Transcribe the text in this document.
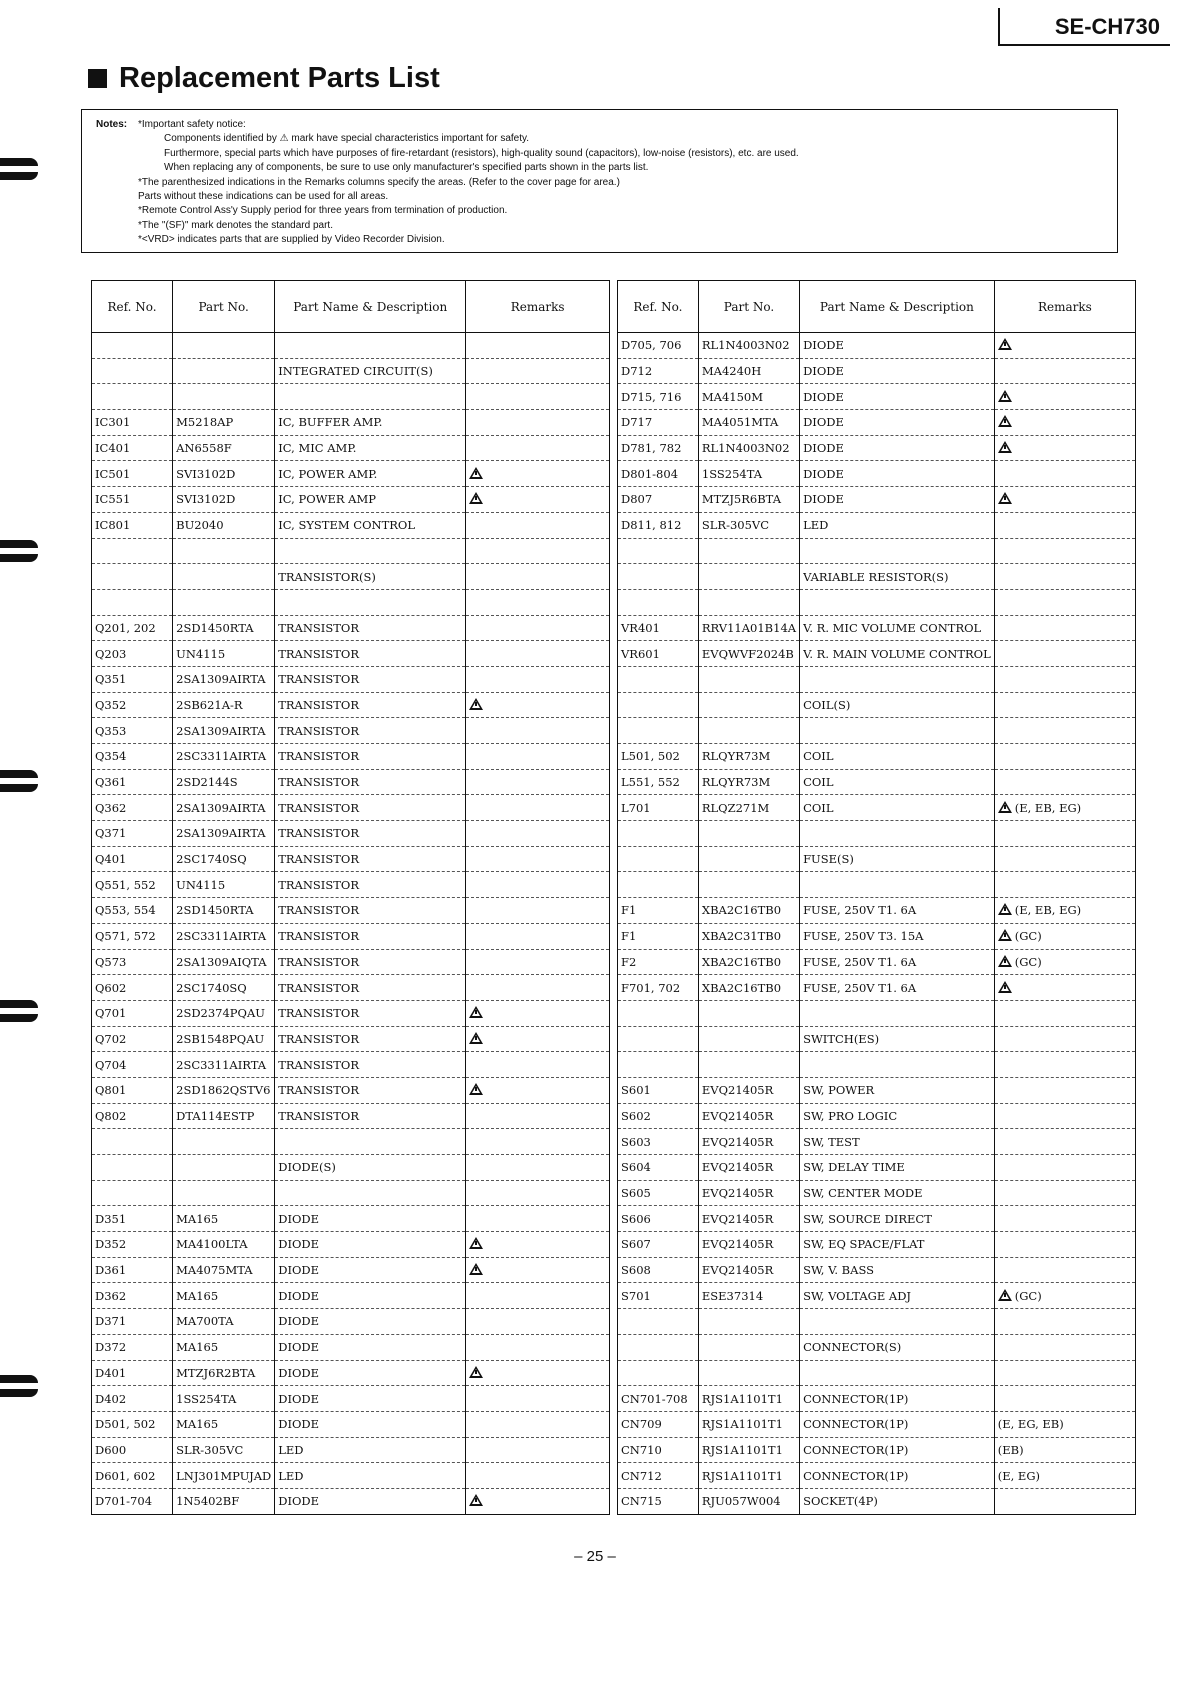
SE-CH730
Replacement Parts List
Notes: *Important safety notice:
Components identified by ⚠ mark have special characteristics important for safety.
Furthermore, special parts which have purposes of fire-retardant (resistors), high-quality sound (capacitors), low-noise (resistors), etc. are used.
When replacing any of components, be sure to use only manufacturer's specified parts shown in the parts list.
*The parenthesized indications in the Remarks columns specify the areas. (Refer to the cover page for area.)
Parts without these indications can be used for all areas.
*Remote Control Ass'y Supply period for three years from termination of production.
*The "(SF)" mark denotes the standard part.
*<VRD> indicates parts that are supplied by Video Recorder Division.
Ref. No.	Part No.	Part Name & Description	Remarks

		INTEGRATED CIRCUIT(S)	

IC301	M5218AP	IC, BUFFER AMP.	
IC401	AN6558F	IC, MIC AMP.	
IC501	SVI3102D	IC, POWER AMP.	
IC551	SVI3102D	IC, POWER AMP	
IC801	BU2040	IC, SYSTEM CONTROL	

		TRANSISTOR(S)	

Q201, 202	2SD1450RTA	TRANSISTOR	
Q203	UN4115	TRANSISTOR	
Q351	2SA1309AIRTA	TRANSISTOR	
Q352	2SB621A-R	TRANSISTOR	
Q353	2SA1309AIRTA	TRANSISTOR	
Q354	2SC3311AIRTA	TRANSISTOR	
Q361	2SD2144S	TRANSISTOR	
Q362	2SA1309AIRTA	TRANSISTOR	
Q371	2SA1309AIRTA	TRANSISTOR	
Q401	2SC1740SQ	TRANSISTOR	
Q551, 552	UN4115	TRANSISTOR	
Q553, 554	2SD1450RTA	TRANSISTOR	
Q571, 572	2SC3311AIRTA	TRANSISTOR	
Q573	2SA1309AIQTA	TRANSISTOR	
Q602	2SC1740SQ	TRANSISTOR	
Q701	2SD2374PQAU	TRANSISTOR	
Q702	2SB1548PQAU	TRANSISTOR	
Q704	2SC3311AIRTA	TRANSISTOR	
Q801	2SD1862QSTV6	TRANSISTOR	
Q802	DTA114ESTP	TRANSISTOR	

		DIODE(S)	

D351	MA165	DIODE	
D352	MA4100LTA	DIODE	
D361	MA4075MTA	DIODE	
D362	MA165	DIODE	
D371	MA700TA	DIODE	
D372	MA165	DIODE	
D401	MTZJ6R2BTA	DIODE	
D402	1SS254TA	DIODE	
D501, 502	MA165	DIODE	
D600	SLR-305VC	LED	
D601, 602	LNJ301MPUJAD	LED	
D701-704	1N5402BF	DIODE	
Ref. No.	Part No.	Part Name & Description	Remarks
D705, 706	RL1N4003N02	DIODE	
D712	MA4240H	DIODE	
D715, 716	MA4150M	DIODE	
D717	MA4051MTA	DIODE	
D781, 782	RL1N4003N02	DIODE	
D801-804	1SS254TA	DIODE	
D807	MTZJ5R6BTA	DIODE	
D811, 812	SLR-305VC	LED	

		VARIABLE RESISTOR(S)	

VR401	RRV11A01B14A	V. R. MIC VOLUME CONTROL	
VR601	EVQWVF2024B	V. R. MAIN VOLUME CONTROL	

		COIL(S)	

L501, 502	RLQYR73M	COIL	
L551, 552	RLQYR73M	COIL	
L701	RLQZ271M	COIL	(E, EB, EG)

		FUSE(S)	

F1	XBA2C16TB0	FUSE, 250V T1. 6A	(E, EB, EG)
F1	XBA2C31TB0	FUSE, 250V T3. 15A	(GC)
F2	XBA2C16TB0	FUSE, 250V T1. 6A	(GC)
F701, 702	XBA2C16TB0	FUSE, 250V T1. 6A	

		SWITCH(ES)	

S601	EVQ21405R	SW, POWER	
S602	EVQ21405R	SW, PRO LOGIC	
S603	EVQ21405R	SW, TEST	
S604	EVQ21405R	SW, DELAY TIME	
S605	EVQ21405R	SW, CENTER MODE	
S606	EVQ21405R	SW, SOURCE DIRECT	
S607	EVQ21405R	SW, EQ SPACE/FLAT	
S608	EVQ21405R	SW, V. BASS	
S701	ESE37314	SW, VOLTAGE ADJ	(GC)

		CONNECTOR(S)	

CN701-708	RJS1A1101T1	CONNECTOR(1P)	
CN709	RJS1A1101T1	CONNECTOR(1P)	(E, EG, EB)
CN710	RJS1A1101T1	CONNECTOR(1P)	(EB)
CN712	RJS1A1101T1	CONNECTOR(1P)	(E, EG)
CN715	RJU057W004	SOCKET(4P)	
– 25 –
